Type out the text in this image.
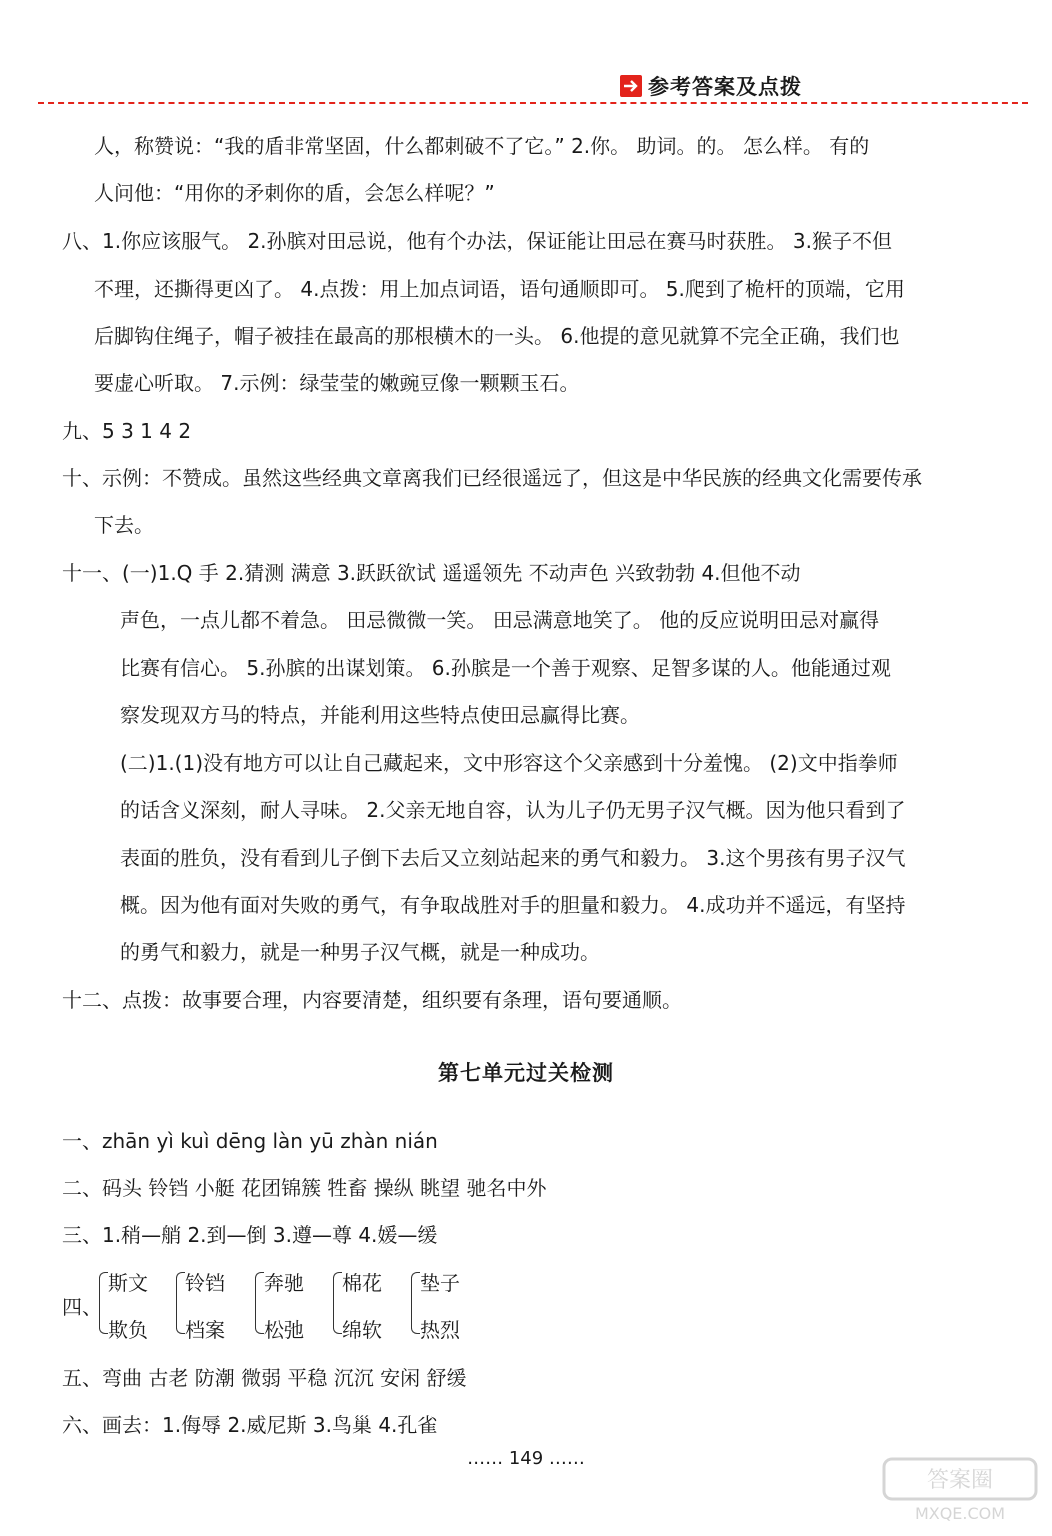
参考答案及点拨
人，称赞说：“我的盾非常坚固，什么都刺破不了它。” 2.你。 助词。的。 怎么样。 有的
人问他：“用你的矛刺你的盾，会怎么样呢？”
八、1.你应该服气。 2.孙膑对田忌说，他有个办法，保证能让田忌在赛马时获胜。 3.猴子不但
不理，还撕得更凶了。 4.点拨：用上加点词语，语句通顺即可。 5.爬到了桅杆的顶端，它用
后脚钩住绳子，帽子被挂在最高的那根横木的一头。 6.他提的意见就算不完全正确，我们也
要虚心听取。 7.示例：绿莹莹的嫩豌豆像一颗颗玉石。
九、5 3 1 4 2
十、示例：不赞成。虽然这些经典文章离我们已经很遥远了，但这是中华民族的经典文化需要传承
下去。
十一、(一)1.Q 手 2.猜测 满意 3.跃跃欲试 遥遥领先 不动声色 兴致勃勃 4.但他不动
声色，一点儿都不着急。 田忌微微一笑。 田忌满意地笑了。 他的反应说明田忌对赢得
比赛有信心。 5.孙膑的出谋划策。 6.孙膑是一个善于观察、足智多谋的人。他能通过观
察发现双方马的特点，并能利用这些特点使田忌赢得比赛。
(二)1.(1)没有地方可以让自己藏起来，文中形容这个父亲感到十分羞愧。 (2)文中指拳师
的话含义深刻，耐人寻味。 2.父亲无地自容，认为儿子仍无男子汉气概。因为他只看到了
表面的胜负，没有看到儿子倒下去后又立刻站起来的勇气和毅力。 3.这个男孩有男子汉气
概。因为他有面对失败的勇气，有争取战胜对手的胆量和毅力。 4.成功并不遥远，有坚持
的勇气和毅力，就是一种男子汉气概，就是一种成功。
十二、点拨：故事要合理，内容要清楚，组织要有条理，语句要通顺。
第七单元过关检测
一、zhān yì kuì dēng làn yū zhàn nián
二、码头 铃铛 小艇 花团锦簇 牲畜 操纵 眺望 驰名中外
三、1.稍—艄 2.到—倒 3.遵—尊 4.媛—缓
四、
斯文
欺负
铃铛
档案
奔驰
松弛
棉花
绵软
垫子
热烈
五、弯曲 古老 防潮 微弱 平稳 沉沉 安闲 舒缓
六、画去：1.侮辱 2.威尼斯 3.鸟巢 4.孔雀
…… 149 ……
答案圈
MXQE.COM
